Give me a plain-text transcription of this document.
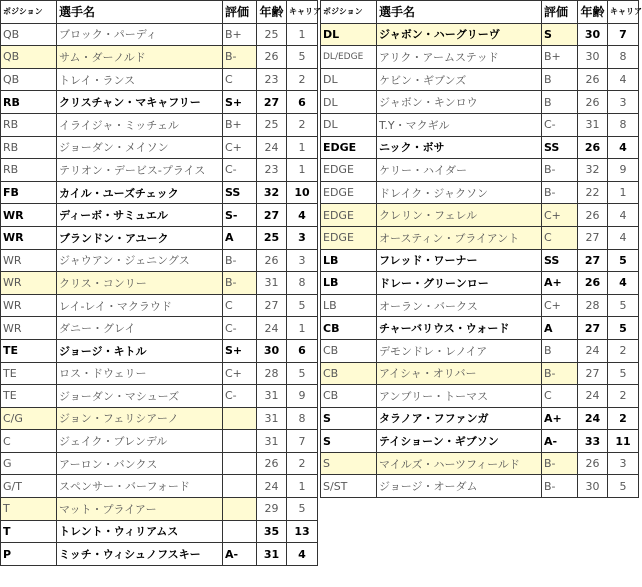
ポジション	選手名	評価	年齢	キャリア
QB	ブロック・パーディ	B+	25	1
QB	サム・ダーノルド	B-	26	5
QB	トレイ・ランス	C	23	2
RB	クリスチャン・マキャフリー	S+	27	6
RB	イライジャ・ミッチェル	B+	25	2
RB	ジョーダン・メイソン	C+	24	1
RB	テリオン・デービス-プライス	C-	23	1
FB	カイル・ユーズチェック	SS	32	10
WR	ディーボ・サミュエル	S-	27	4
WR	ブランドン・アユーク	A	25	3
WR	ジャウアン・ジェニングス	B-	26	3
WR	クリス・コンリー	B-	31	8
WR	レイ-レイ・マクラウド	C	27	5
WR	ダニー・グレイ	C-	24	1
TE	ジョージ・キトル	S+	30	6
TE	ロス・ドウェリー	C+	28	5
TE	ジョーダン・マシューズ	C-	31	9
C/G	ジョン・フェリシアーノ		31	8
C	ジェイク・ブレンデル		31	7
G	アーロン・バンクス		26	2
G/T	スペンサー・バーフォード		24	1
T	マット・プライアー		29	5
T	トレント・ウィリアムス		35	13
P	ミッチ・ウィシュノフスキー	A-	31	4
ポジション	選手名	評価	年齢	キャリア
DL	ジャボン・ハーグリーヴ	S	30	7
DL/EDGE	アリク・アームステッド	B+	30	8
DL	ケビン・ギブンズ	B	26	4
DL	ジャボン・キンロウ	B	26	3
DL	T.Y・マクギル	C-	31	8
EDGE	ニック・ボサ	SS	26	4
EDGE	ケリー・ハイダー	B-	32	9
EDGE	ドレイク・ジャクソン	B-	22	1
EDGE	クレリン・フェレル	C+	26	4
EDGE	オースティン・ブライアント	C	27	4
LB	フレッド・ワーナー	SS	27	5
LB	ドレー・グリーンロー	A+	26	4
LB	オーラン・バークス	C+	28	5
CB	チャーバリウス・ウォード	A	27	5
CB	デモンドレ・レノイア	B	24	2
CB	アイシャ・オリバー	B-	27	5
CB	アンブリー・トーマス	C	24	2
S	タラノア・フファンガ	A+	24	2
S	テイショーン・ギブソン	A-	33	11
S	マイルズ・ハーツフィールド	B-	26	3
S/ST	ジョージ・オーダム	B-	30	5
